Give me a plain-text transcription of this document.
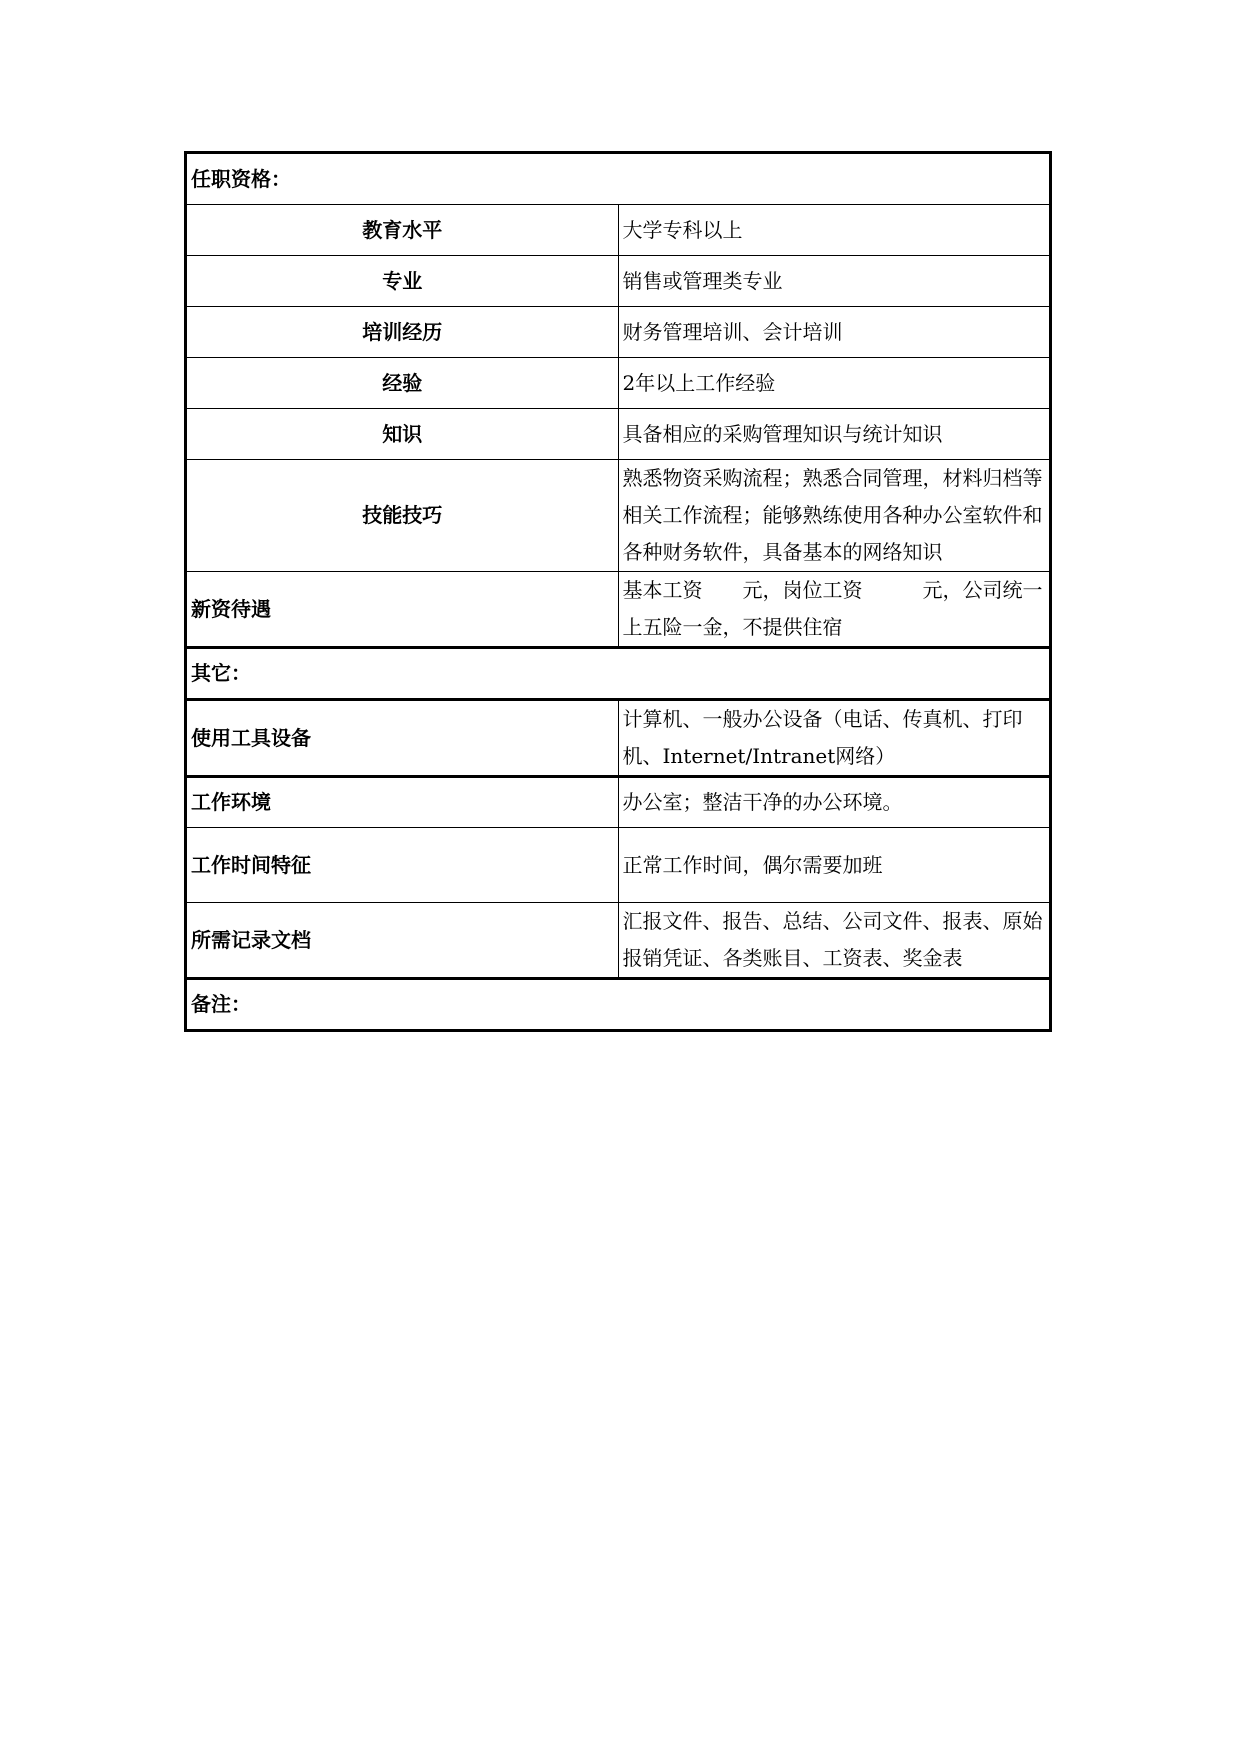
任职资格：	
教育水平	大学专科以上
专业	销售或管理类专业
培训经历	财务管理培训、会计培训
经验	2年以上工作经验
知识	具备相应的采购管理知识与统计知识
技能技巧	熟悉物资采购流程；熟悉合同管理，材料归档等相关工作流程；能够熟练使用各种办公室软件和各种财务软件，具备基本的网络知识
新资待遇	基本工资　　元，岗位工资　　　元，公司统一上五险一金，不提供住宿
其它：	
使用工具设备	计算机、一般办公设备（电话、传真机、打印机、Internet/Intranet网络）
工作环境	办公室；整洁干净的办公环境。
工作时间特征	正常工作时间，偶尔需要加班
所需记录文档	汇报文件、报告、总结、公司文件、报表、原始报销凭证、各类账目、工资表、奖金表
备注：	
